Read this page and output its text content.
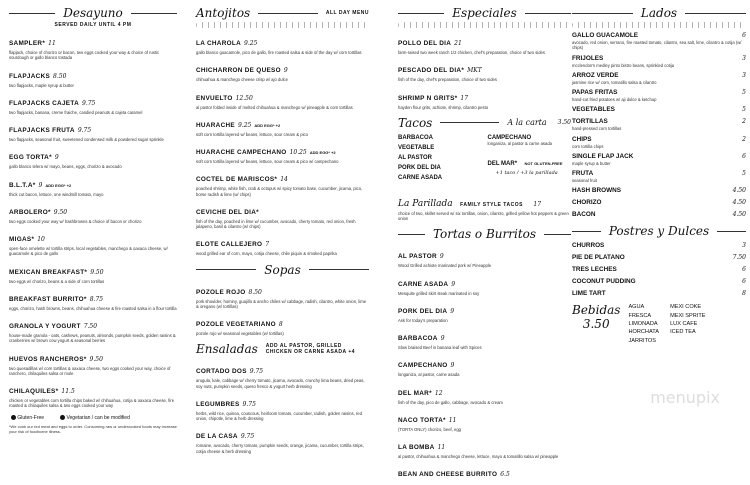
Desayuno
SERVED DAILY UNTIL 4 PM
SAMPLER* 11
flapjack, choice of chorizo or bacon, two eggs cooked your way & choice of rustic sourdough or gallo blanco tostada
FLAPJACKS 8.50
two flapjacks, maple syrup & butter
FLAPJACKS CAJETA 9.75
two flapjacks, banana, creme fraiche, candied peanuts & cajeta caramel
FLAPJACKS FRUTA 9.75
two flapjacks, seasonal fruit, sweetened condensed milk & powdered sugar sprinkle
EGG TORTA* 9
gallo blanco telera w/ mayo, beans, eggs, chorizo & avocado
B.L.T.A* 9 ADD EGG* +2
thick cut bacon, lettuce, one windmill tomato, mayo
ARBOLERO* 9.50
two eggs cooked your way w/ hashbrowns & choice of bacon or chorizo
MIGAS* 10
open-face omelette w/ tortilla strips, local vegetables, manchego & oaxaca cheese, w/ guacamole & pico de gallo
MEXICAN BREAKFAST* 9.50
two eggs w/ chorizo, beans & a side of corn tortillas
BREAKFAST BURRITO* 8.75
eggs, chorizo, hash browns, beans, chihuahua cheese & fire roasted salsa in a flour tortilla
GRANOLA Y YOGURT 7.50
house-made granola - oats, cashews, peanuts, almonds, pumpkin seeds, golden raisins & cranberries w/ brown cow yogurt & seasonal berries
HUEVOS RANCHEROS* 9.50
two quesadillas w/ corn tortillas & oaxaca cheese, two eggs cooked your way, choice of ranchero, chilaquiles salsa or mole
CHILAQUILES* 11.5
chicken or vegetables corn tortilla chips baked w/ chihuahua, cotija & oaxaca cheese, fire roasted & chilaquiles salsa & two eggs cooked your way
Gluten-Free	Vegetarian / can be modified
*We cook our red meat and eggs to order. Consuming raw or undercooked foods may increase your risk of foodborne illness.
Antojitos	ALL DAY MENU
LA CHAROLA 9.25
gallo blanco guacamole, pico de gallo, fire roasted salsa & side of the day w/ corn tortillas
CHICHARRON DE QUESO 9
chihuahua & manchego cheese crisp w/ ajo dulce
ENVUELTO 12.50
al pastor folded inside of melted chihuahua & manchego w/ pineapple & corn tortillas
HUARACHE 9.25 ADD EGG* +2
soft corn tortilla layered w/ beans, lettuce, sour cream & pico
HUARACHE CAMPECHANO 10.25 ADD EGG* +2
soft corn tortilla layered w/ beans, lettuce, sour cream & pico w/ campechano
COCTEL DE MARISCOS* 14
poached shrimp, white fish, crab & octopus w/ spicy tomato base, cucumber, jicama, pico, borse radish & lime (w/ chips)
CEVICHE DEL DIA*
fish of the day, poached in lime w/ cucumber, avocado, cherry tomato, red onion, fresh jalapeno, basil & cilantro (w/ chips)
ELOTE CALLEJERO 7
wood grilled ear of corn, mayo, cotija cheese, chile piquin & smoked paprika
Sopas
POZOLE ROJO 8.50
pork shoulder, hominy, guajillo & ancho chiles w/ cabbage, radish, cilantro, white onion, lime & oregano (w/ tortillas)
POZOLE VEGETARIANO 8
pozole rojo w/ seasonal vegetables (w/ tortillas)
Ensaladas ADD AL PASTOR, GRILLED CHICKEN OR CARNE ASADA +4
CORTADO DOS 9.75
arugula, kale, cabbage w/ cherry tomato, jicama, avocado, crunchy lima beans, dried peas, soy nuts, pumpkin seeds, queso fresco & yogurt herb dressing
LEGUMBRES 9.75
herbs, wild rice, quinoa, couscous, heirloom tomato, cucumber, radish, golden raisins, red onion, chipotle, lime & herb dressing
DE LA CASA 9.75
romaine, avocado, cherry tomato, pumpkin seeds, orange, jicama, cucumber, tortilla strips, cotija cheese & herb dressing
Especiales
POLLO DEL DIA 21
farm-raised two week ranch 1/2 chicken, chef's preparation, choice of two sides
PESCADO DEL DIA* MKT
fish of the day, chef's preparation, choice of two sides
SHRIMP N GRITS* 17
hayden flour grits, achiote, shrimp, cilantro pesto
Tacos	A la carta 3.50
BARBACOA
VEGETABLE
AL PASTOR
PORK DEL DIA
CARNE ASADA
CAMPECHANO
longaniza, al pastor & carne asada
DEL MAR* NOT GLUTEN-FREE
+1 taco / +3 la parillada
La Parillada FAMILY STYLE TACOS 17
choice of two, skillet served w/ six tortillas, onion, cilantro, grilled yellow hot peppers & green onion
Tortas o Burritos
AL PASTOR 9
Wood Grilled achiote marinated pork w/ Pineapple
CARNE ASADA 9
Mesquite grilled skirt steak marinated in soy
PORK DEL DIA 9
Ask for today's preparation
BARBACOA 9
Slow braised Beef in banana leaf with Spices
CAMPECHANO 9
longaniza, al pastor, carne asada
DEL MAR* 12
fish of the day, pico de gallo, cabbage, avocado & cream
NACO TORTA* 11
(TORTA ONLY) chorizo, beef, egg
LA BOMBA 11
al pastor, chihuahua & manchego cheese, lettuce, mayo & tomatillo salsa w/ pineapple
BEAN AND CHEESE BURRITO 6.5
Lados
GALLO GUACAMOLE	6
avocado, red onion, serrano, fire roasted tomato, cilantro, sea salt, lime, cilantro & cotija (w/ chips)
FRIJOLES	3
mcclendon's medley pinto bistro beans, sprinkled cotija
ARROZ VERDE	3
jasmine rice w/ corn, tomatillo salsa & cilantro
PAPAS FRITAS	5
hand-cut fried potatoes w/ aji dulce & ketchup
VEGETABLES	5
TORTILLAS	2
hand-pressed corn tortillas
CHIPS	2
corn tortilla chips
SINGLE FLAP JACK	6
maple syrup & butter
FRUTA	5
seasonal fruit
HASH BROWNS	4.50
CHORIZO	4.50
BACON	4.50
Postres y Dulces
CHURROS	3
PIE DE PLATANO	7.50
TRES LECHES	6
COCONUT PUDDING	6
LIME TART	8
Bebidas
3.50
AGUA FRESCA
LIMONADA
HORCHATA
JARRITOS
MEXI COKE
MEXI SPRITE
LUX CAFE
ICED TEA
menupix
